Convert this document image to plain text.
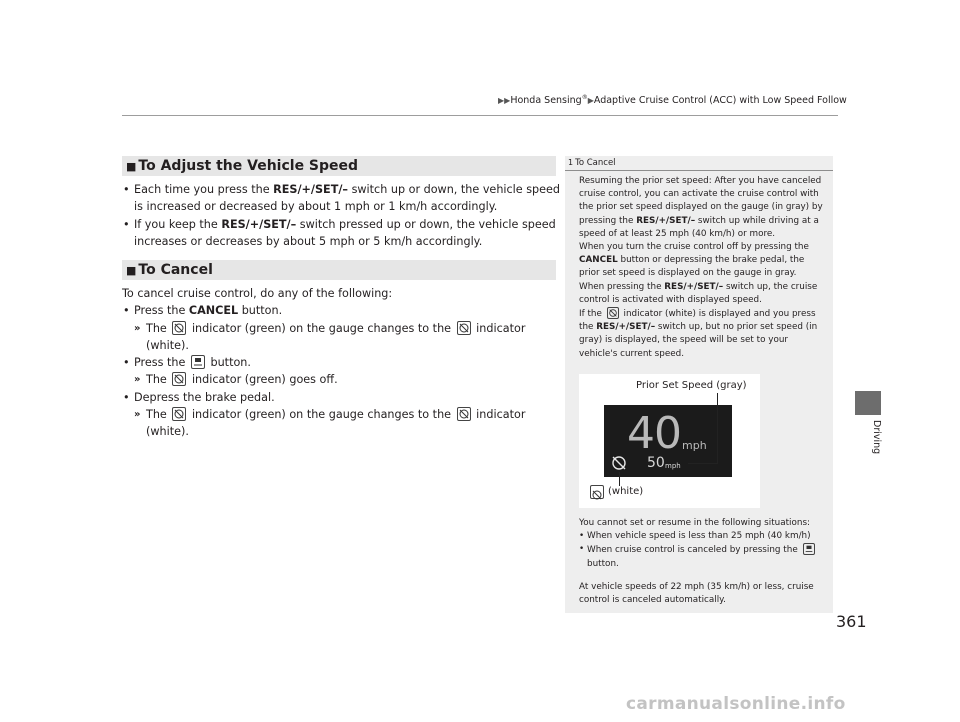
▶▶Honda Sensing®▶Adaptive Cruise Control (ACC) with Low Speed Follow
Driving
■ To Adjust the Vehicle Speed
• Each time you press the RES/+/SET/– switch up or down, the vehicle speed is increased or decreased by about 1 mph or 1 km/h accordingly.
• If you keep the RES/+/SET/– switch pressed up or down, the vehicle speed increases or decreases by about 5 mph or 5 km/h accordingly.
■ To Cancel
To cancel cruise control, do any of the following:
• Press the CANCEL button.
» The indicator (green) on the gauge changes to the indicator (white).
• Press the button.
» The indicator (green) goes off.
• Depress the brake pedal.
» The indicator (green) on the gauge changes to the indicator (white).
1 To Cancel
Resuming the prior set speed: After you have canceled cruise control, you can activate the cruise control with the prior set speed displayed on the gauge (in gray) by pressing the RES/+/SET/– switch up while driving at a speed of at least 25 mph (40 km/h) or more.
When you turn the cruise control off by pressing the CANCEL button or depressing the brake pedal, the prior set speed is displayed on the gauge in gray.
When pressing the RES/+/SET/– switch up, the cruise control is activated with displayed speed.
If the indicator (white) is displayed and you press the RES/+/SET/– switch up, but no prior set speed (in gray) is displayed, the speed will be set to your vehicle's current speed.
Prior Set Speed (gray)
40 mph
50 mph
(white)
You cannot set or resume in the following situations:
• When vehicle speed is less than 25 mph (40 km/h)
• When cruise control is canceled by pressing the
button.
At vehicle speeds of 22 mph (35 km/h) or less, cruise control is canceled automatically.
361
carmanualsonline.info
